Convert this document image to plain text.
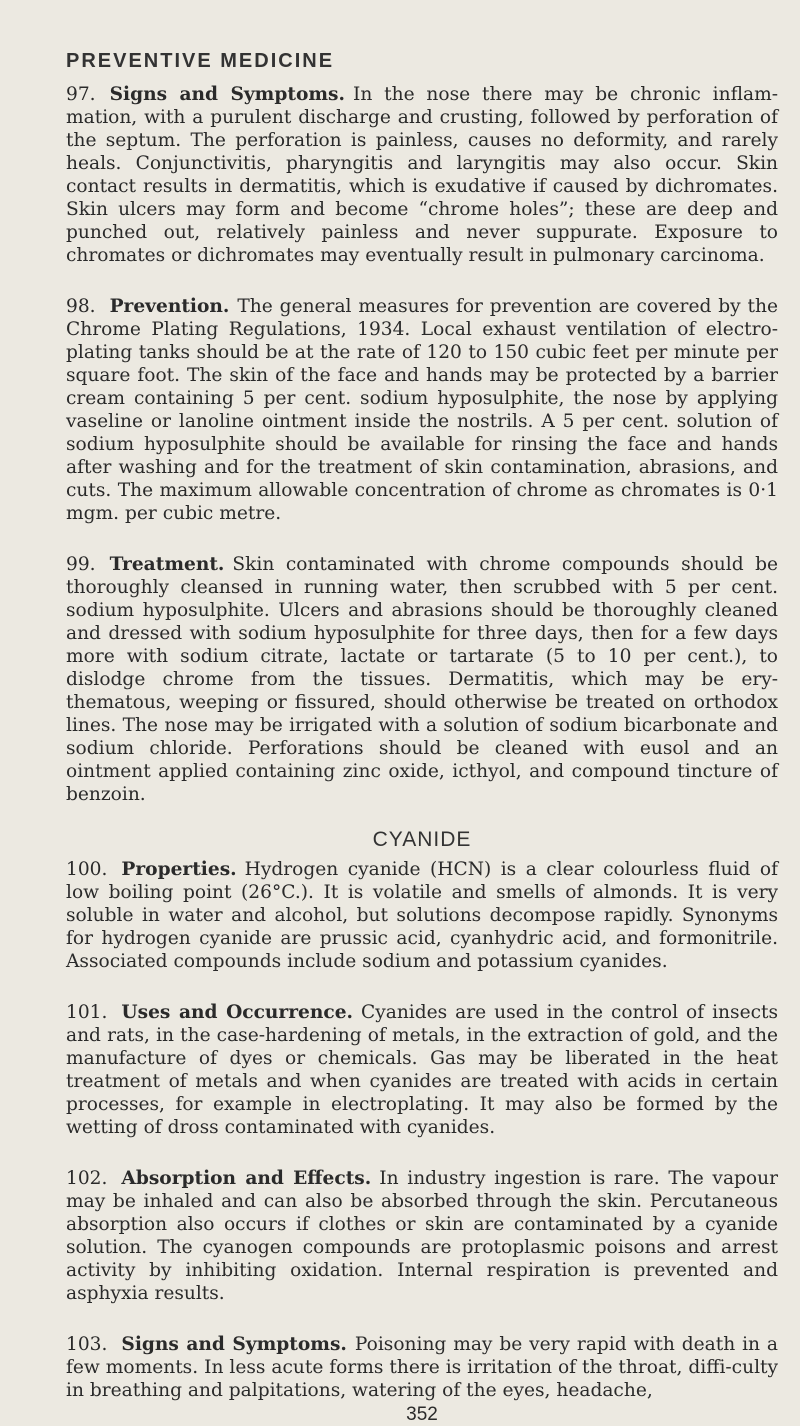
PREVENTIVE MEDICINE

97. Signs and Symptoms. In the nose there may be chronic inflam-mation, with a purulent discharge and crusting, followed by perforation of the septum. The perforation is painless, causes no deformity, and rarely heals. Conjunctivitis, pharyngitis and laryngitis may also occur. Skin contact results in dermatitis, which is exudative if caused by dichromates. Skin ulcers may form and become “chrome holes”; these are deep and punched out, relatively painless and never suppurate. Exposure to chromates or dichromates may eventually result in pulmonary carcinoma.

98. Prevention. The general measures for prevention are covered by the Chrome Plating Regulations, 1934. Local exhaust ventilation of electro-plating tanks should be at the rate of 120 to 150 cubic feet per minute per square foot. The skin of the face and hands may be protected by a barrier cream containing 5 per cent. sodium hyposulphite, the nose by applying vaseline or lanoline ointment inside the nostrils. A 5 per cent. solution of sodium hyposulphite should be available for rinsing the face and hands after washing and for the treatment of skin contamination, abrasions, and cuts. The maximum allowable concentration of chrome as chromates is 0·1 mgm. per cubic metre.

99. Treatment. Skin contaminated with chrome compounds should be thoroughly cleansed in running water, then scrubbed with 5 per cent. sodium hyposulphite. Ulcers and abrasions should be thoroughly cleaned and dressed with sodium hyposulphite for three days, then for a few days more with sodium citrate, lactate or tartarate (5 to 10 per cent.), to dislodge chrome from the tissues. Dermatitis, which may be ery-thematous, weeping or fissured, should otherwise be treated on orthodox lines. The nose may be irrigated with a solution of sodium bicarbonate and sodium chloride. Perforations should be cleaned with eusol and an ointment applied containing zinc oxide, icthyol, and compound tincture of benzoin.

CYANIDE

100. Properties. Hydrogen cyanide (HCN) is a clear colourless fluid of low boiling point (26°C.). It is volatile and smells of almonds. It is very soluble in water and alcohol, but solutions decompose rapidly. Synonyms for hydrogen cyanide are prussic acid, cyanhydric acid, and formonitrile. Associated compounds include sodium and potassium cyanides.

101. Uses and Occurrence. Cyanides are used in the control of insects and rats, in the case-hardening of metals, in the extraction of gold, and the manufacture of dyes or chemicals. Gas may be liberated in the heat treatment of metals and when cyanides are treated with acids in certain processes, for example in electroplating. It may also be formed by the wetting of dross contaminated with cyanides.

102. Absorption and Effects. In industry ingestion is rare. The vapour may be inhaled and can also be absorbed through the skin. Percutaneous absorption also occurs if clothes or skin are contaminated by a cyanide solution. The cyanogen compounds are protoplasmic poisons and arrest activity by inhibiting oxidation. Internal respiration is prevented and asphyxia results.

103. Signs and Symptoms. Poisoning may be very rapid with death in a few moments. In less acute forms there is irritation of the throat, diffi-culty in breathing and palpitations, watering of the eyes, headache,

352
